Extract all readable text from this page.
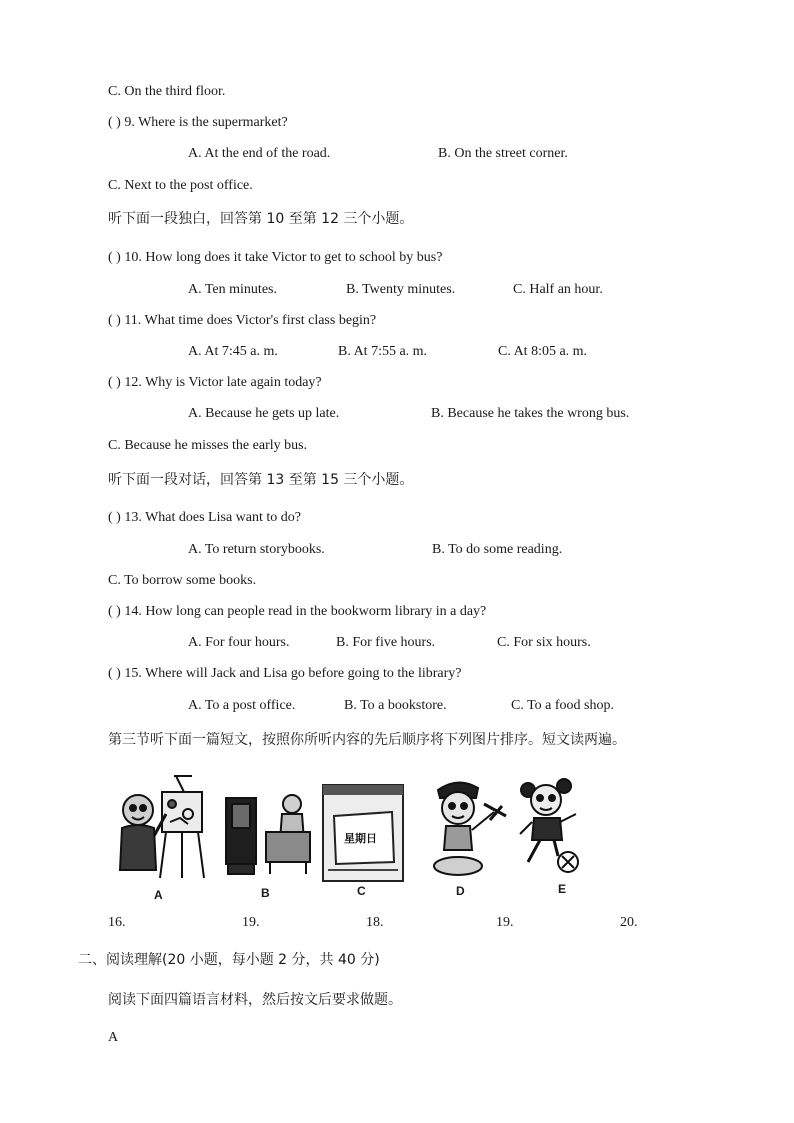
C. On the third floor.
( ) 9. Where is the supermarket?
A. At the end of the road.	B. On the street corner.
C. Next to the post office.
听下面一段独白，回答第 10 至第 12 三个小题。
( ) 10. How long does it take Victor to get to school by bus?
A. Ten minutes.	B. Twenty minutes.	C. Half an hour.
( ) 11. What time does Victor's first class begin?
A. At 7:45 a. m.	B. At 7:55 a. m.	C. At 8:05 a. m.
( ) 12. Why is Victor late again today?
A. Because he gets up late.	B. Because he takes the wrong bus.
C. Because he misses the early bus.
听下面一段对话，回答第 13 至第 15 三个小题。
( ) 13. What does Lisa want to do?
A. To return storybooks.	B. To do some reading.
C. To borrow some books.
( ) 14. How long can people read in the bookworm library in a day?
A. For four hours.	B. For five hours.	C. For six hours.
( ) 15. Where will Jack and Lisa go before going to the library?
A. To a post office.	B. To a bookstore.	C. To a food shop.
第三节听下面一篇短文，按照你所听内容的先后顺序将下列图片排序。短文读两遍。
A	B
星期日
C	D	E
16.	19.	18.	19.	20.
二、阅读理解(20 小题，每小题 2 分，共 40 分)
阅读下面四篇语言材料，然后按文后要求做题。
A
